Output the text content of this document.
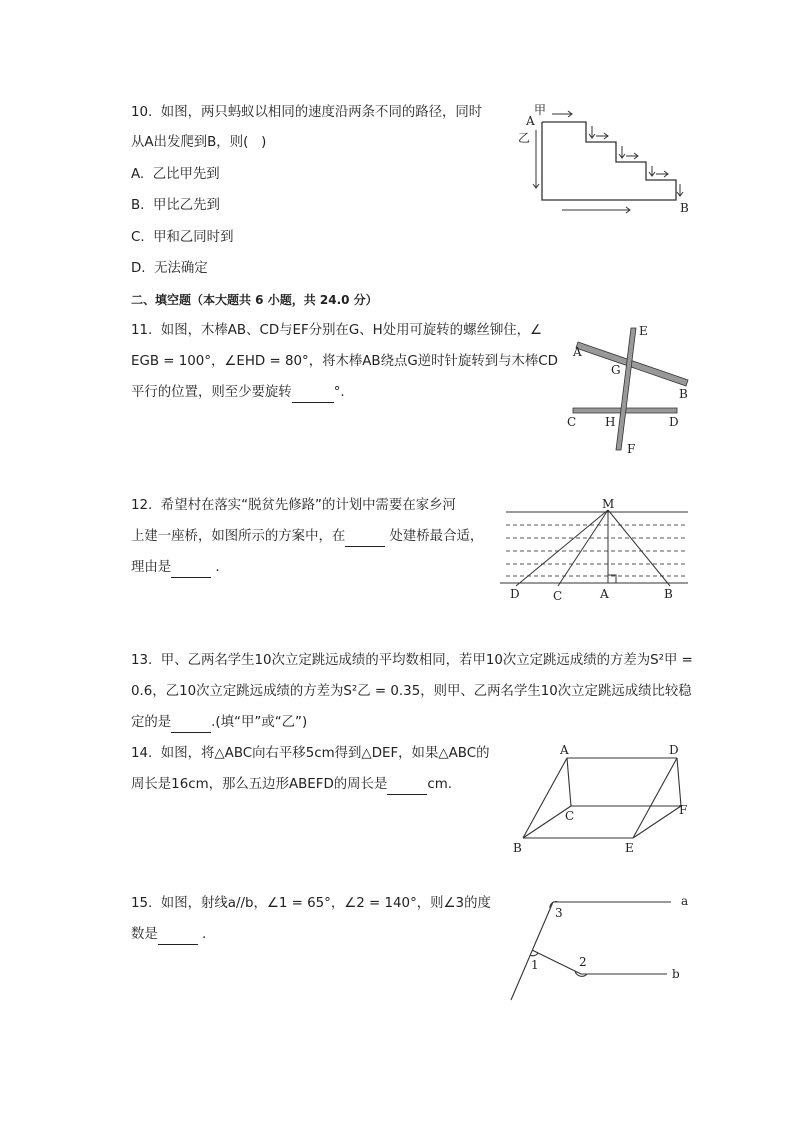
10.  如图，两只蚂蚁以相同的速度沿两条不同的路径，同时
从A出发爬到B，则(   )
A.  乙比甲先到
B.  甲比乙先到
C.  甲和乙同时到
D.  无法确定
甲
乙
A
B
二、填空题（本大题共 6 小题，共 24.0 分）
11.  如图，木棒AB、CD与EF分别在G、H处用可旋转的螺丝铆住，∠
EGB = 100°，∠EHD = 80°，将木棒AB绕点G逆时针旋转到与木棒CD
平行的位置，则至少要旋转	°.
A
B
C	D
E
F
G
H
12.  希望村在落实“脱贫先修路”的计划中需要在家乡河
上建一座桥，如图所示的方案中，在	处建桥最合适，
理由是	.
M
D	C	A	B
13.  甲、乙两名学生10次立定跳远成绩的平均数相同，若甲10次立定跳远成绩的方差为S²甲 =
0.6，乙10次立定跳远成绩的方差为S²乙 = 0.35，则甲、乙两名学生10次立定跳远成绩比较稳
定的是	.(填“甲”或“乙”)
14.  如图，将△ABC向右平移5cm得到△DEF，如果△ABC的
周长是16cm，那么五边形ABEFD的周长是	cm.
A	D
C	F
B	E
15.  如图，射线a//b，∠1 = 65°，∠2 = 140°，则∠3的度
数是	.
a
b
3
1	2
